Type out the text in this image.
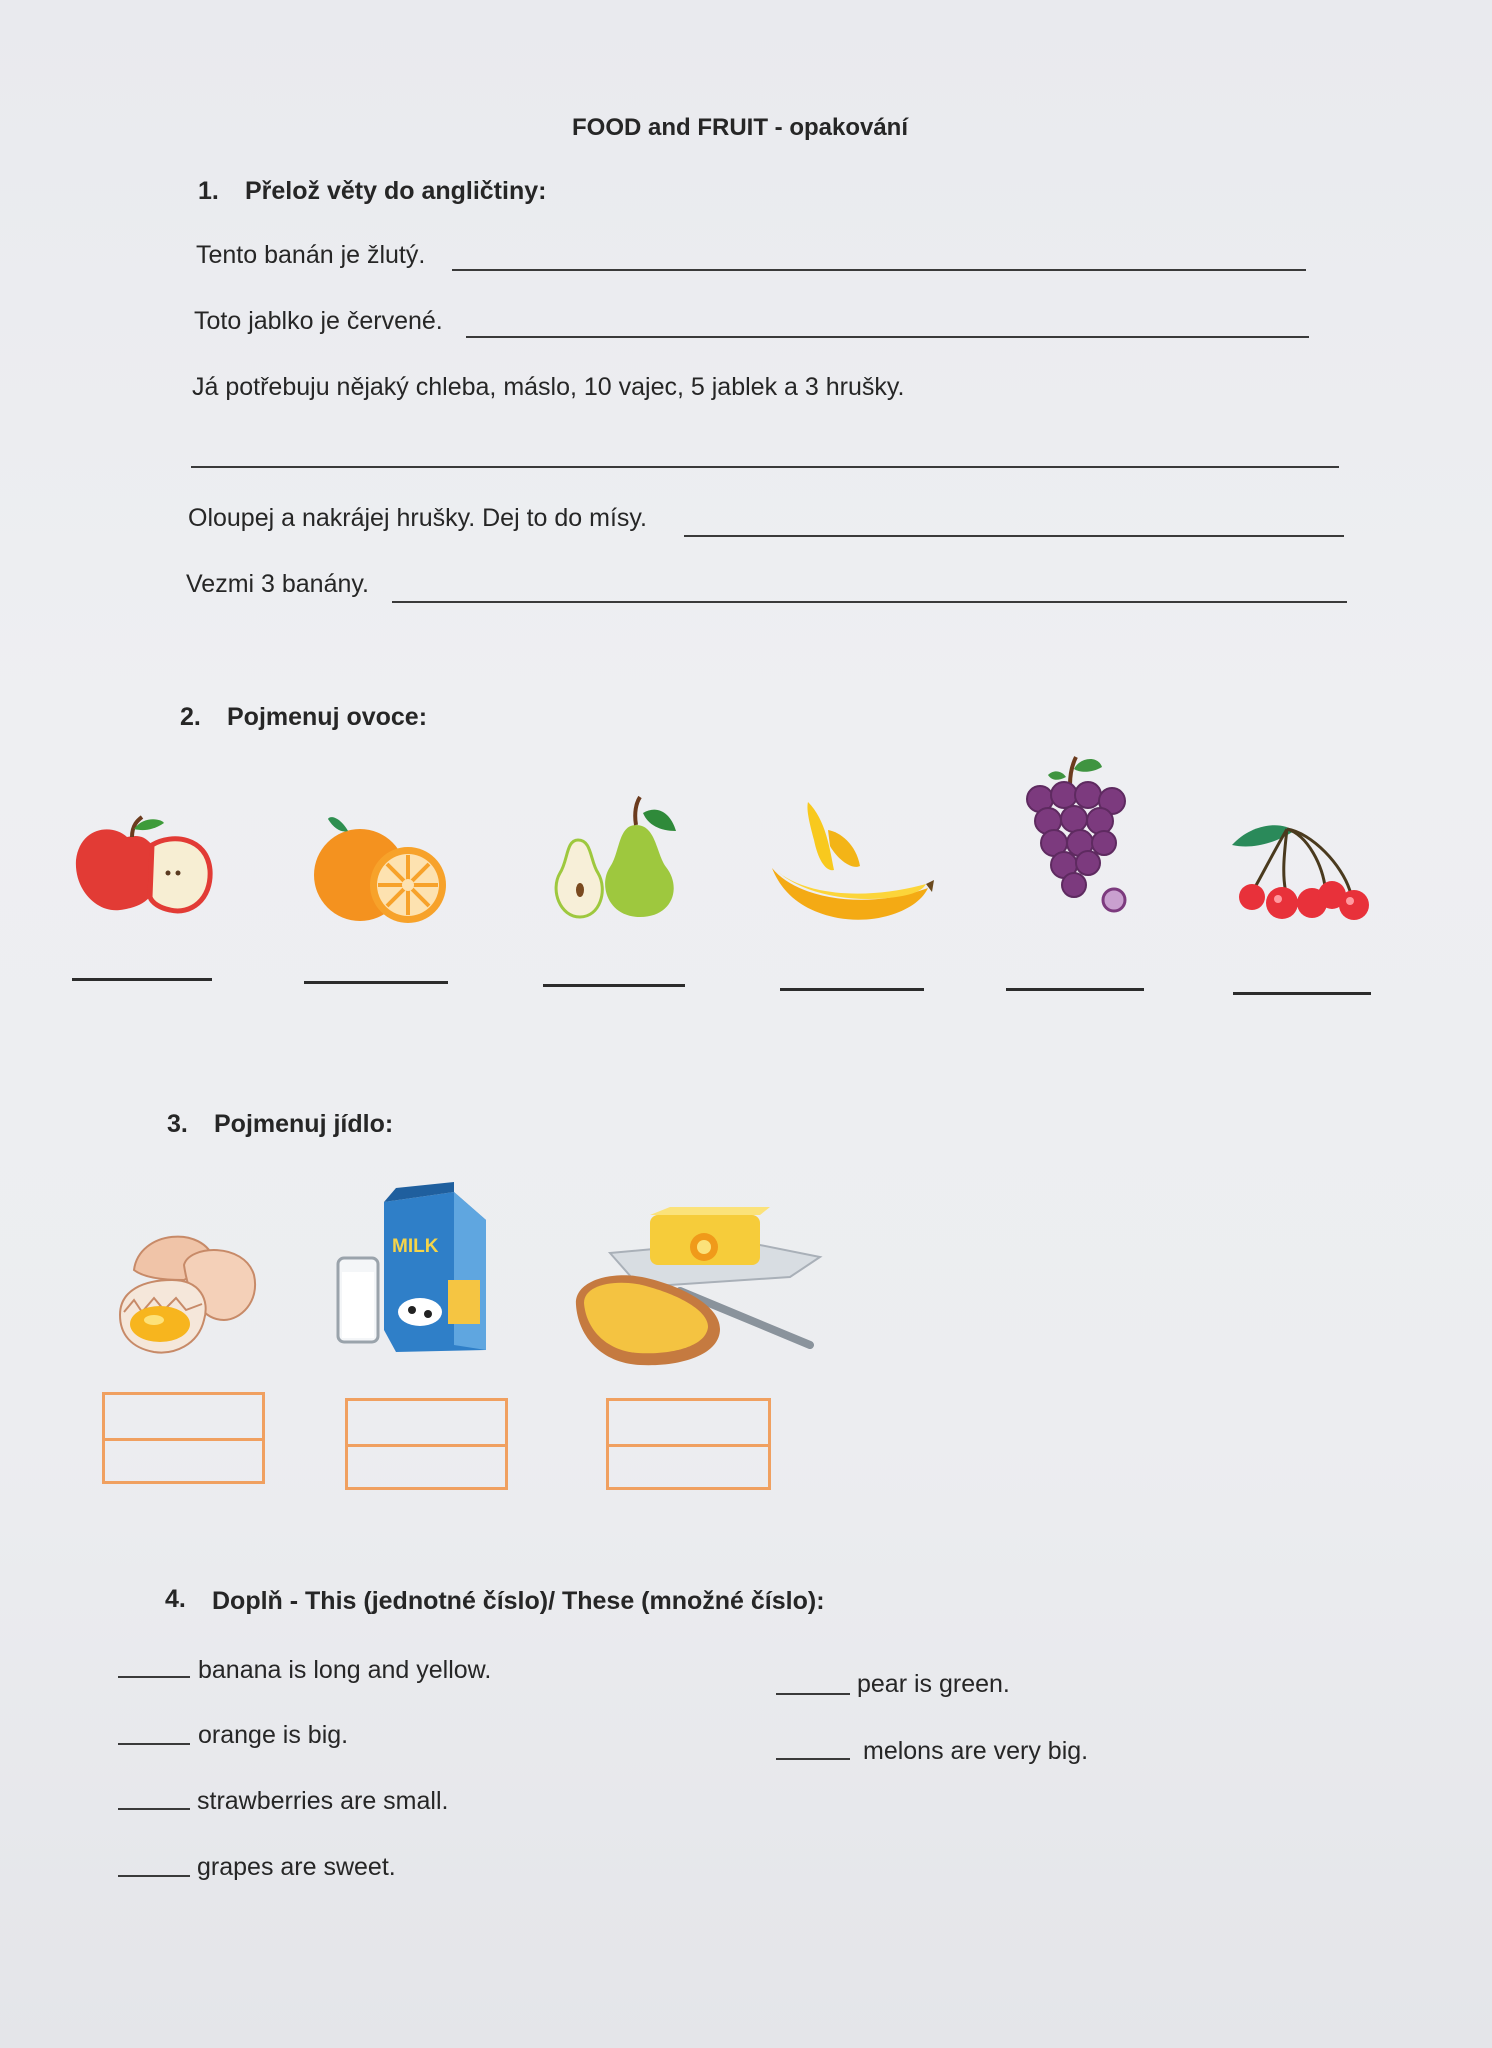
FOOD and FRUIT - opakování
1. Přelož věty do angličtiny:
Tento banán je žlutý.
Toto jablko je červené.
Já potřebuju nějaký chleba, máslo, 10 vajec, 5 jablek a 3 hrušky.
Oloupej a nakrájej hrušky. Dej to do mísy.
Vezmi 3 banány.
2. Pojmenuj ovoce:
3. Pojmenuj jídlo:
MILK
4. Doplň - This (jednotné číslo)/ These (množné číslo):
banana is long and yellow.
orange is big.
strawberries are small.
grapes are sweet.
pear is green.
melons are very big.
